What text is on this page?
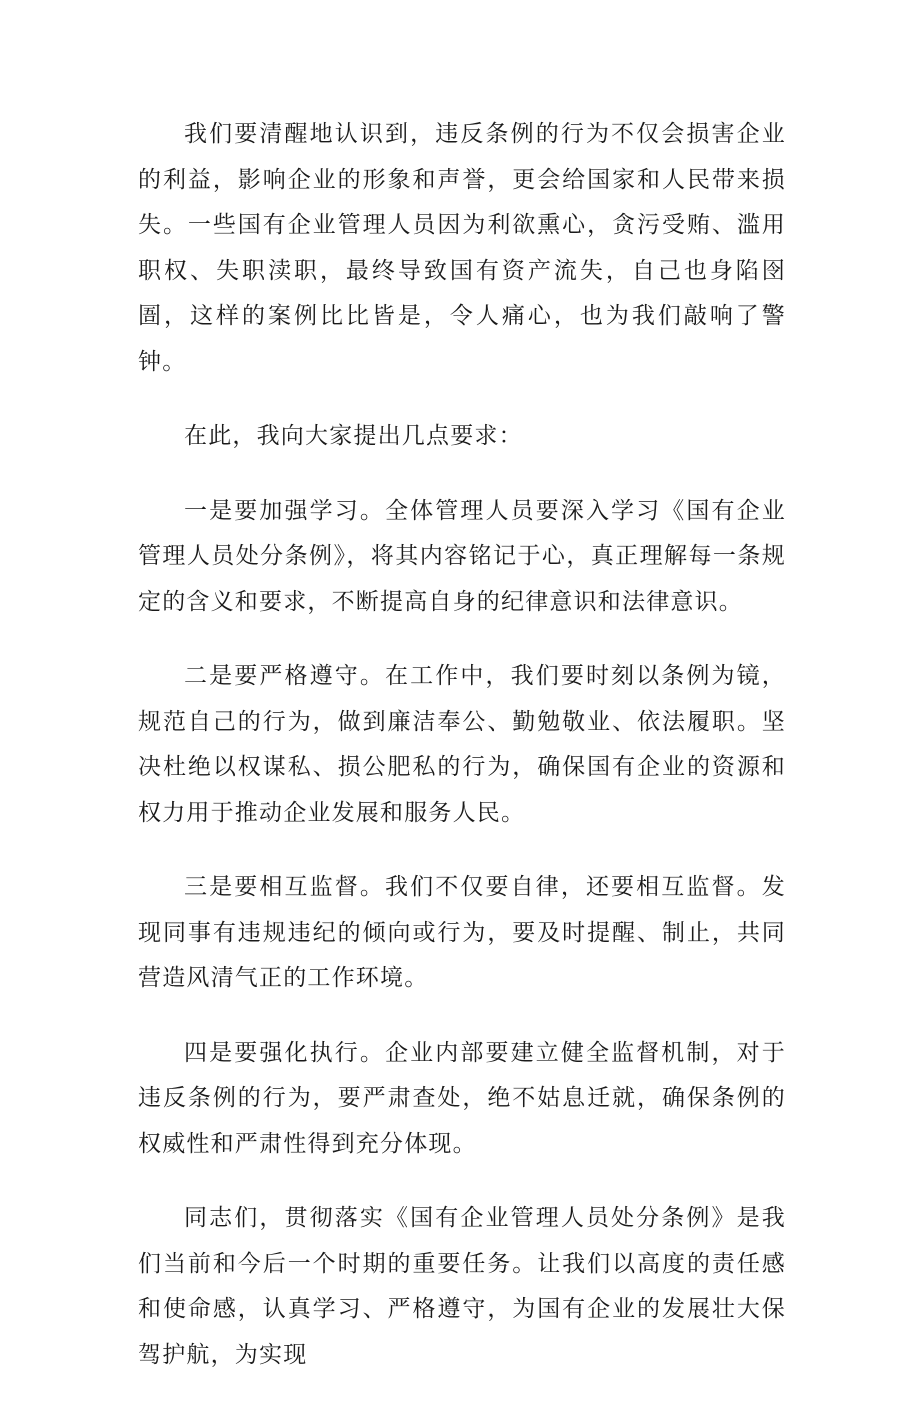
我们要清醒地认识到，违反条例的行为不仅会损害企业的利益，影响企业的形象和声誉，更会给国家和人民带来损失。一些国有企业管理人员因为利欲熏心，贪污受贿、滥用职权、失职渎职，最终导致国有资产流失，自己也身陷囹圄，这样的案例比比皆是，令人痛心，也为我们敲响了警钟。

在此，我向大家提出几点要求：

一是要加强学习。全体管理人员要深入学习《国有企业管理人员处分条例》，将其内容铭记于心，真正理解每一条规定的含义和要求，不断提高自身的纪律意识和法律意识。

二是要严格遵守。在工作中，我们要时刻以条例为镜，规范自己的行为，做到廉洁奉公、勤勉敬业、依法履职。坚决杜绝以权谋私、损公肥私的行为，确保国有企业的资源和权力用于推动企业发展和服务人民。

三是要相互监督。我们不仅要自律，还要相互监督。发现同事有违规违纪的倾向或行为，要及时提醒、制止，共同营造风清气正的工作环境。

四是要强化执行。企业内部要建立健全监督机制，对于违反条例的行为，要严肃查处，绝不姑息迁就，确保条例的权威性和严肃性得到充分体现。

同志们，贯彻落实《国有企业管理人员处分条例》是我们当前和今后一个时期的重要任务。让我们以高度的责任感和使命感，认真学习、严格遵守，为国有企业的发展壮大保驾护航，为实现
